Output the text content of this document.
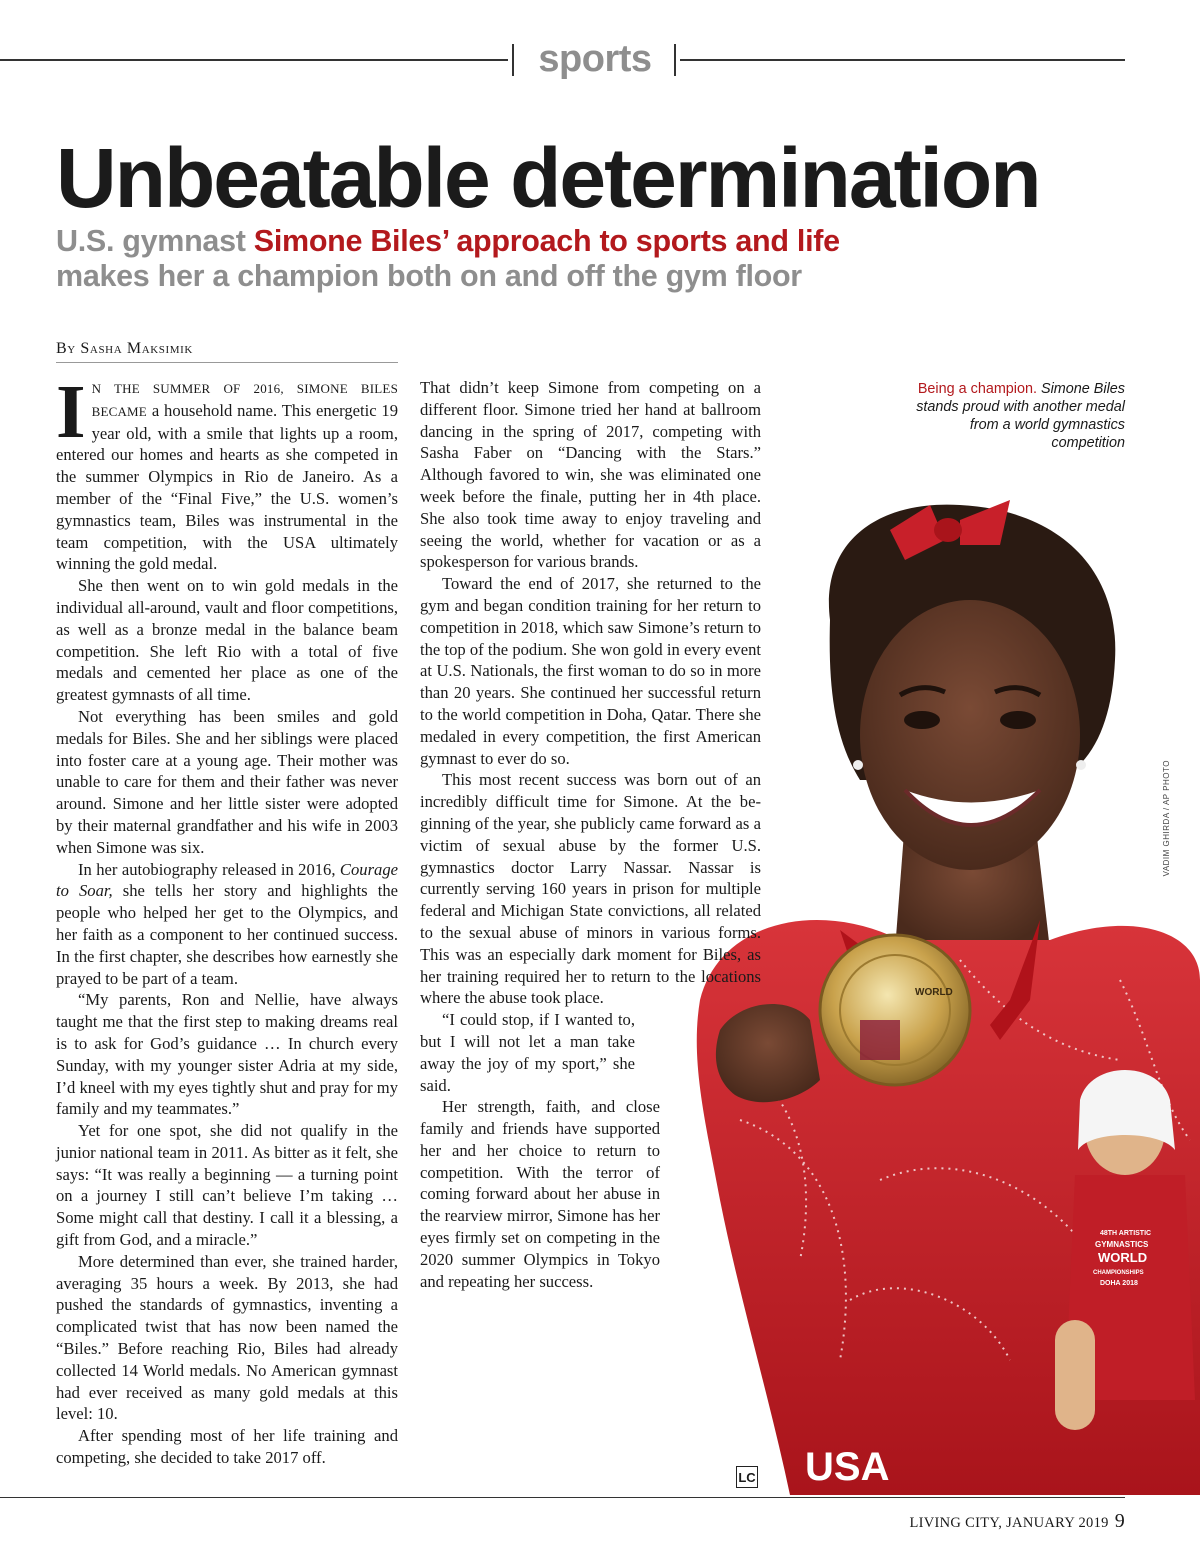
sports
Unbeatable determination
U.S. gymnast Simone Biles’ approach to sports and life
makes her a champion both on and off the gym floor
By Sasha Maksimik
WORLD
48TH ARTISTIC
GYMNASTICS
WORLD
CHAMPIONSHIPS
DOHA 2018
USA
VADIM GHIRDA / AP PHOTO

I N THE SUMMER OF 2016, SIMONE BILES BECAME a household name. This energetic 19 year old, with a smile that lights up a room, entered our homes and hearts as she competed in the summer Olympics in Rio de Janeiro. As a member of the “Final Five,” the U.S. women’s gymnastics team, Biles was instrumental in the team competition, with the USA ultimately winning the gold medal.

She then went on to win gold medals in the individual all-around, vault and floor competitions, as well as a bronze medal in the balance beam competition. She left Rio with a total of five medals and cemented her place as one of the greatest gymnasts of all time.

Not everything has been smiles and gold medals for Biles. She and her siblings were placed into foster care at a young age. Their mother was unable to care for them and their father was never around. Simone and her little sister were adopted by their maternal grandfather and his wife in 2003 when Simone was six.

In her autobiography released in 2016, Courage to Soar, she tells her story and highlights the people who helped her get to the Olympics, and her faith as a component to her continued success. In the first chapter, she describes how earnestly she prayed to be part of a team.

“My parents, Ron and Nellie, have always taught me that the first step to making dreams real is to ask for God’s guidance … In church every Sunday, with my younger sister Adria at my side, I’d kneel with my eyes tightly shut and pray for my family and my teammates.”

Yet for one spot, she did not qualify in the junior national team in 2011. As bitter as it felt, she says: “It was really a beginning — a turning point on a journey I still can’t believe I’m taking … Some might call that destiny. I call it a blessing, a gift from God, and a miracle.”

More determined than ever, she trained harder, averaging 35 hours a week. By 2013, she had pushed the standards of gymnastics, inventing a complicated twist that has now been named the “Biles.” Before reaching Rio, Biles had already collected 14 World medals. No American gymnast had ever received as many gold medals at this level: 10.

After spending most of her life training and competing, she decided to take 2017 off.

That didn’t keep Simone from competing on a different floor. Simone tried her hand at ballroom dancing in the spring of 2017, competing with Sasha Faber on “Dancing with the Stars.” Although favored to win, she was eliminated one week before the finale, putting her in 4th place. She also took time away to enjoy traveling and seeing the world, whether for vacation or as a spokesperson for various brands.

Toward the end of 2017, she returned to the gym and began condition training for her return to competition in 2018, which saw Simone’s return to the top of the podium. She won gold in every event at U.S. Nationals, the first woman to do so in more than 20 years. She continued her successful return to the world competition in Doha, Qatar. There she medaled in every competition, the first American gymnast to ever do so.

This most recent success was born out of an incredibly difficult time for Simone. At the beginning of the year, she publicly came forward as a victim of sexual abuse by the former U.S. gymnastics doctor Larry Nassar. Nassar is currently serving 160 years in prison for multiple federal and Michigan State convictions, all related to the sexual abuse of minors in various forms. This was an especially dark moment for Biles, as her training required her to return to the locations where the abuse took place.

“I could stop, if I wanted to, but I will not let a man take away the joy of my sport,” she said.

Her strength, faith, and close family and friends have supported her and her choice to return to competition. With the terror of coming forward about her abuse in the rearview mirror, Simone has her eyes firmly set on competing in the 2020 summer Olympics in Tokyo and repeating her success.

LC
Being a champion. Simone Biles stands proud with another medal from a world gymnastics competition
LIVING CITY, JANUARY 2019 9
